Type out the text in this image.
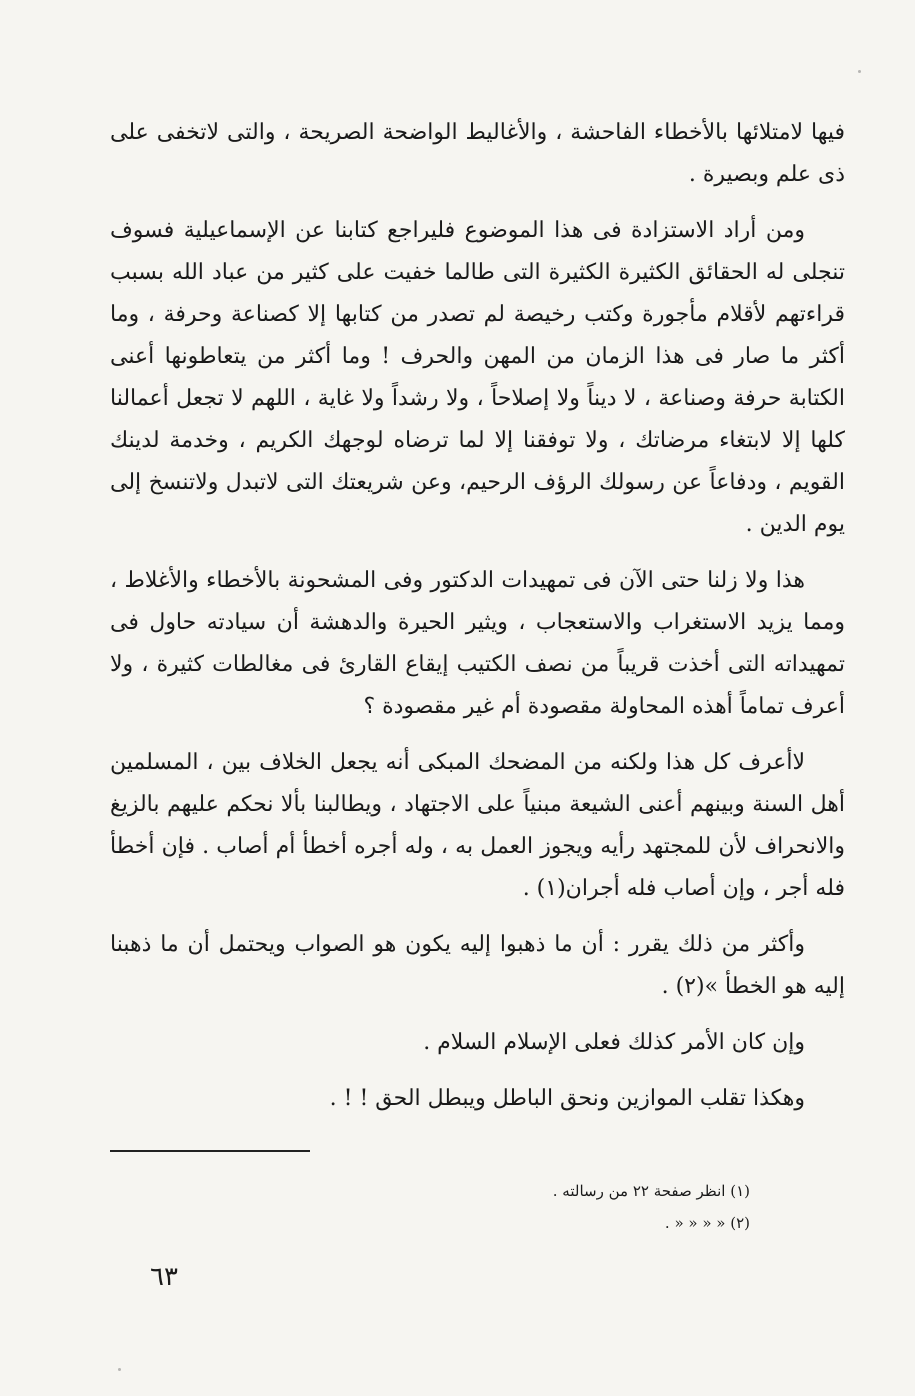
فيها لامتلائها بالأخطاء الفاحشة ، والأغاليط الواضحة الصريحة ، والتى لاتخفى على ذى علم وبصيرة .

ومن أراد الاستزادة فى هذا الموضوع فليراجع كتابنا عن الإسماعيلية فسوف تنجلى له الحقائق الكثيرة الكثيرة التى طالما خفيت على كثير من عباد الله بسبب قراءتهم لأقلام مأجورة وكتب رخيصة لم تصدر من كتابها إلا كصناعة وحرفة ، وما أكثر ما صار فى هذا الزمان من المهن والحرف ! وما أكثر من يتعاطونها أعنى الكتابة حرفة وصناعة ، لا ديناً ولا إصلاحاً ، ولا رشداً ولا غاية ، اللهم لا تجعل أعمالنا كلها إلا لابتغاء مرضاتك ، ولا توفقنا إلا لما ترضاه لوجهك الكريم ، وخدمة لدينك القويم ، ودفاعاً عن رسولك الرؤف الرحيم، وعن شريعتك التى لاتبدل ولاتنسخ إلى يوم الدين .

هذا ولا زلنا حتى الآن فى تمهيدات الدكتور وفى المشحونة بالأخطاء والأغلاط ، ومما يزيد الاستغراب والاستعجاب ، ويثير الحيرة والدهشة أن سيادته حاول فى تمهيداته التى أخذت قريباً من نصف الكتيب إيقاع القارئ فى مغالطات كثيرة ، ولا أعرف تماماً أهذه المحاولة مقصودة أم غير مقصودة ؟

لاأعرف كل هذا ولكنه من المضحك المبكى أنه يجعل الخلاف بين ، المسلمين أهل السنة وبينهم أعنى الشيعة مبنياً على الاجتهاد ، ويطالبنا بألا نحكم عليهم بالزيغ والانحراف لأن للمجتهد رأيه ويجوز العمل به ، وله أجره أخطأ أم أصاب . فإن أخطأ فله أجر ، وإن أصاب فله أجران(١) .

وأكثر من ذلك يقرر : أن ما ذهبوا إليه يكون هو الصواب ويحتمل أن ما ذهبنا إليه هو الخطأ »(٢) .

وإن كان الأمر كذلك فعلى الإسلام السلام .

وهكذا تقلب الموازين ونحق الباطل ويبطل الحق ! ! .

(١) انظر صفحة ٢٢ من رسالته .

(٢) « « « « .

٦٣
